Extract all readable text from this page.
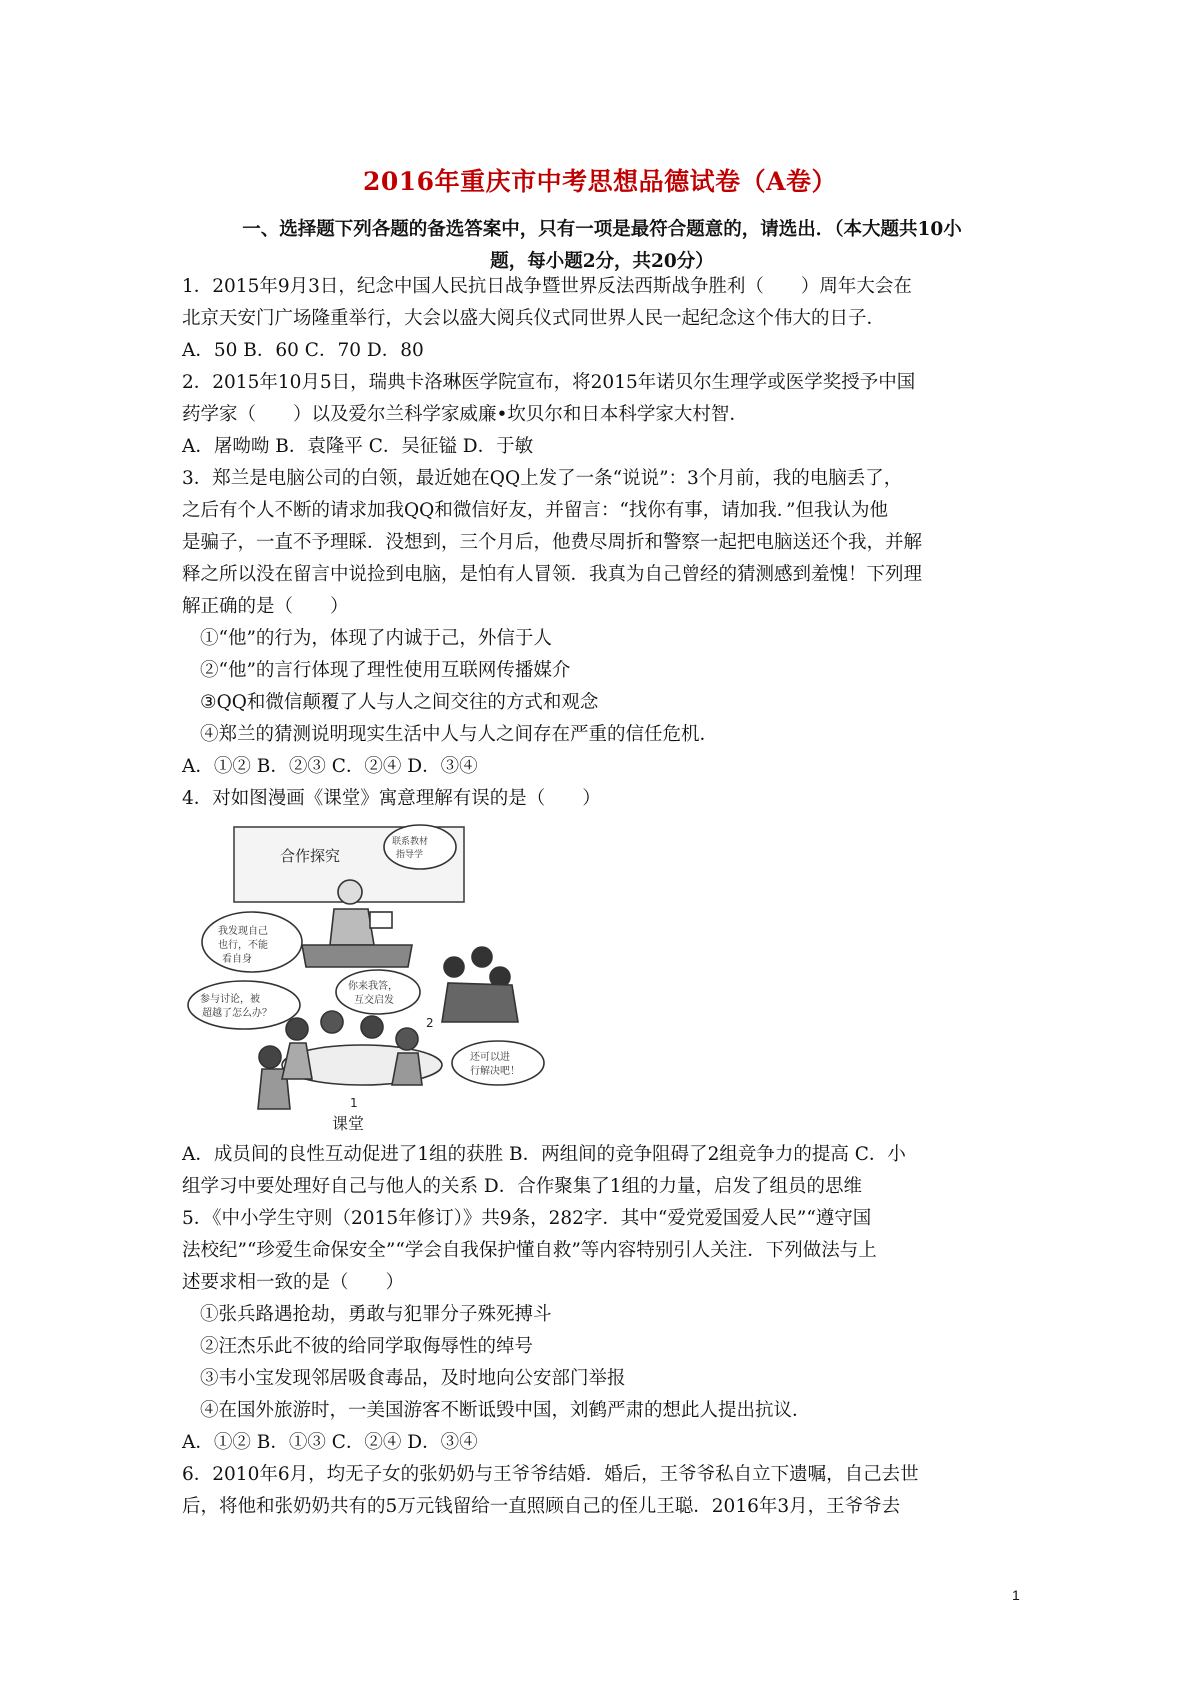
2016年重庆市中考思想品德试卷（A卷）
一、选择题下列各题的备选答案中，只有一项是最符合题意的，请选出．（本大题共10小
题，每小题2分，共20分）

1．2015年9月3日，纪念中国人民抗日战争暨世界反法西斯战争胜利（　　）周年大会在

北京天安门广场隆重举行，大会以盛大阅兵仪式同世界人民一起纪念这个伟大的日子．

A．50 B．60 C．70 D．80

2．2015年10月5日，瑞典卡洛琳医学院宣布，将2015年诺贝尔生理学或医学奖授予中国

药学家（　　）以及爱尔兰科学家威廉•坎贝尔和日本科学家大村智．

A．屠呦呦 B．袁隆平 C．吴征镒 D．于敏

3．郑兰是电脑公司的白领，最近她在QQ上发了一条“说说”：3个月前，我的电脑丢了，

之后有个人不断的请求加我QQ和微信好友，并留言：“找你有事，请加我．”但我认为他

是骗子，一直不予理睬．没想到，三个月后，他费尽周折和警察一起把电脑送还个我，并解

释之所以没在留言中说捡到电脑，是怕有人冒领．我真为自己曾经的猜测感到羞愧！下列理

解正确的是（　　）

①“他”的行为，体现了内诚于己，外信于人

②“他”的言行体现了理性使用互联网传播媒介

③QQ和微信颠覆了人与人之间交往的方式和观念

④郑兰的猜测说明现实生活中人与人之间存在严重的信任危机．

A．①② B．②③ C．②④ D．③④

4．对如图漫画《课堂》寓意理解有误的是（　　）

合作探究
联系教材
指导学
我发现自己
也行，不能
看自身
参与讨论，被
超越了怎么办？
你来我答，
互交启发
2
还可以进
行解决吧！
1
课堂

A．成员间的良性互动促进了1组的获胜 B．两组间的竞争阻碍了2组竞争力的提高 C．小

组学习中要处理好自己与他人的关系 D．合作聚集了1组的力量，启发了组员的思维

5．《中小学生守则（2015年修订）》共9条，282字．其中“爱党爱国爱人民”“遵守国

法校纪”“珍爱生命保安全”“学会自我保护懂自救”等内容特别引人关注．下列做法与上

述要求相一致的是（　　）

①张兵路遇抢劫，勇敢与犯罪分子殊死搏斗

②汪杰乐此不彼的给同学取侮辱性的绰号

③韦小宝发现邻居吸食毒品，及时地向公安部门举报

④在国外旅游时，一美国游客不断诋毁中国，刘鹤严肃的想此人提出抗议．

A．①② B．①③ C．②④ D．③④

6．2010年6月，均无子女的张奶奶与王爷爷结婚．婚后，王爷爷私自立下遗嘱，自己去世

后，将他和张奶奶共有的5万元钱留给一直照顾自己的侄儿王聪．2016年3月，王爷爷去

1
